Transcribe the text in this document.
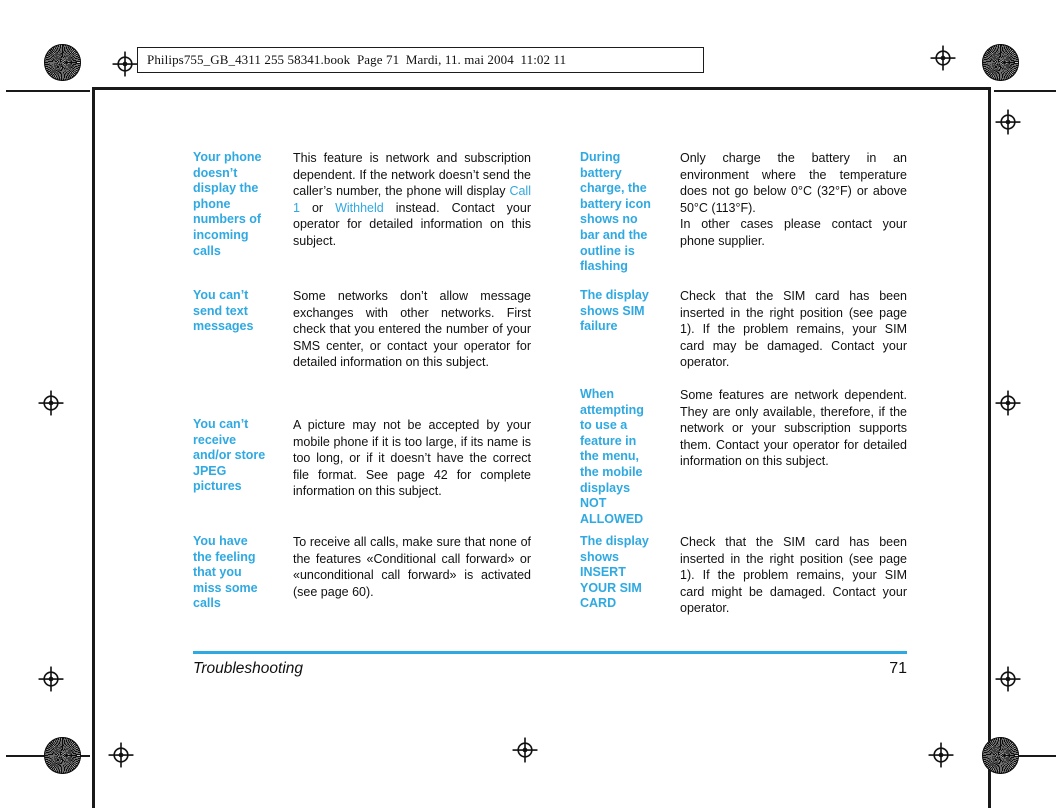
Philips755_GB_4311 255 58341.book  Page 71  Mardi, 11. mai 2004  11:02 11
Your phone doesn’t display the phone numbers of incoming calls
This feature is network and subscription dependent. If the network doesn’t send the caller’s number, the phone will display Call 1 or Withheld instead. Contact your operator for detailed information on this subject.
You can’t send text messages
Some networks don’t allow message exchanges with other networks. First check that you entered the number of your SMS center, or contact your operator for detailed information on this subject.
You can’t receive and/or store JPEG pictures
A picture may not be accepted by your mobile phone if it is too large, if its name is too long, or if it doesn’t have the correct file format. See page 42 for complete information on this subject.
You have the feeling that you miss some calls
To receive all calls, make sure that none of the features «Conditional call forward» or «unconditional call forward» is activated (see page 60).
During battery charge, the battery icon shows no bar and the outline is flashing
Only charge the battery in an environment where the temperature does not go below 0°C (32°F) or above 50°C (113°F).
In other cases please contact your phone supplier.
The display shows SIM failure
Check that the SIM card has been inserted in the right position (see page 1). If the problem remains, your SIM card may be damaged. Contact your operator.
When attempting to use a feature in the menu, the mobile displays NOT ALLOWED
Some features are network dependent. They are only available, therefore, if the network or your subscription supports them. Contact your operator for detailed information on this subject.
The display shows INSERT YOUR SIM CARD
Check that the SIM card has been inserted in the right position (see page 1). If the problem remains, your SIM card might be damaged. Contact your operator.
Troubleshooting	71
